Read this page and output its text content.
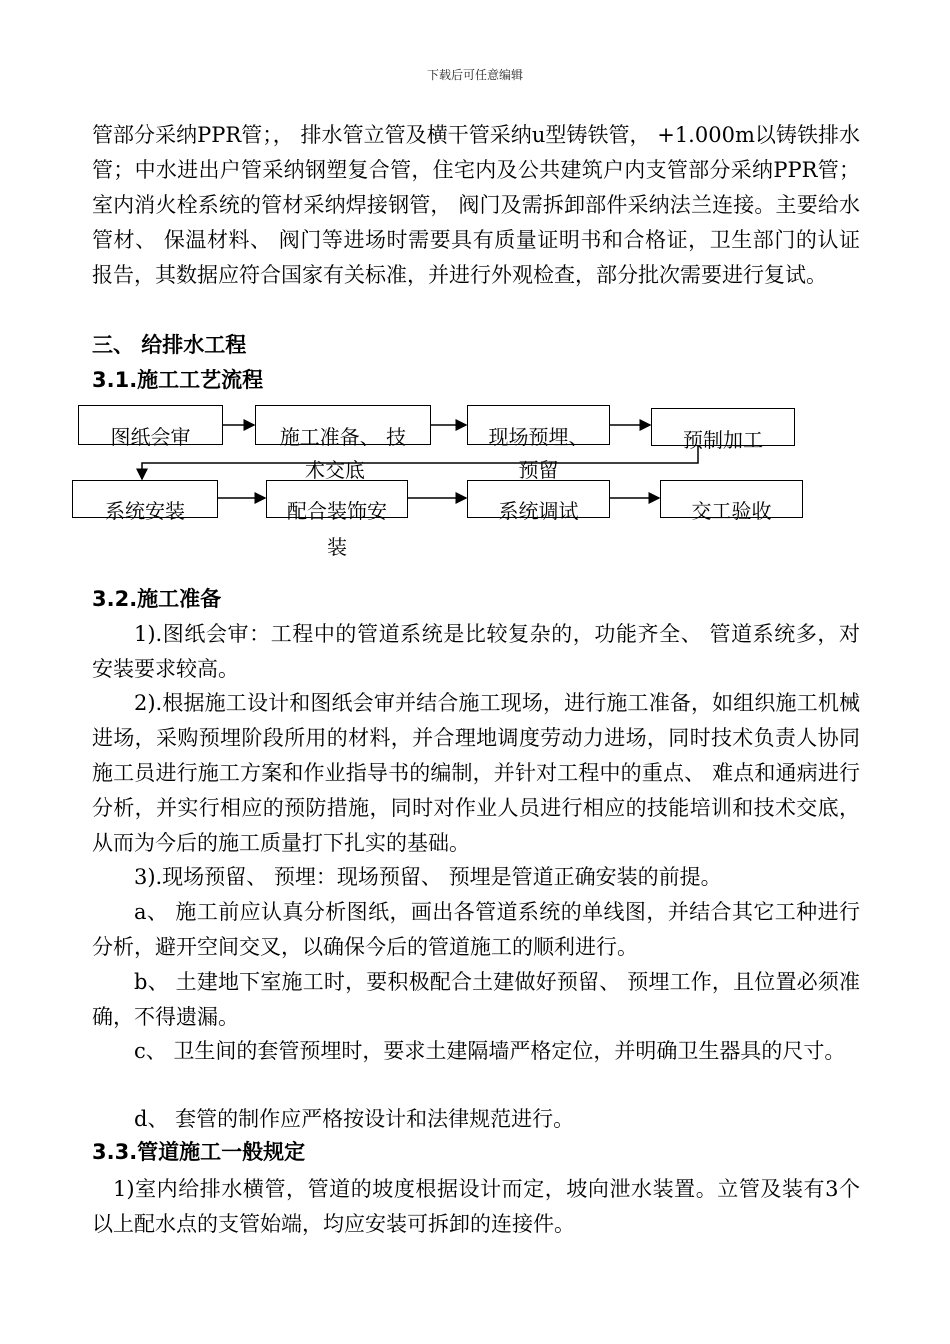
下载后可任意编辑

管部分采纳PPR管；， 排水管立管及横干管采纳u型铸铁管， +1.000m以铸铁排水管；中水进出户管采纳钢塑复合管，住宅内及公共建筑户内支管部分采纳PPR管；室内消火栓系统的管材采纳焊接钢管， 阀门及需拆卸部件采纳法兰连接。主要给水管材、 保温材料、 阀门等进场时需要具有质量证明书和合格证，卫生部门的认证报告，其数据应符合国家有关标准，并进行外观检查，部分批次需要进行复试。

三、 给排水工程
3.1.施工工艺流程
图纸会审	施工准备、 技
术交底
现场预埋、
预留
预制加工
系统安装	配合装饰安
装
系统调试	交工验收
3.2.施工准备

1).图纸会审：工程中的管道系统是比较复杂的，功能齐全、 管道系统多，对安装要求较高。

2).根据施工设计和图纸会审并结合施工现场，进行施工准备，如组织施工机械进场，采购预埋阶段所用的材料，并合理地调度劳动力进场，同时技术负责人协同施工员进行施工方案和作业指导书的编制，并针对工程中的重点、 难点和通病进行分析，并实行相应的预防措施，同时对作业人员进行相应的技能培训和技术交底，从而为今后的施工质量打下扎实的基础。

3).现场预留、 预埋：现场预留、 预埋是管道正确安装的前提。

a、 施工前应认真分析图纸，画出各管道系统的单线图，并结合其它工种进行分析，避开空间交叉，以确保今后的管道施工的顺利进行。

b、 土建地下室施工时，要积极配合土建做好预留、 预埋工作，且位置必须准确，不得遗漏。

c、 卫生间的套管预埋时，要求土建隔墙严格定位，并明确卫生器具的尺寸。

d、 套管的制作应严格按设计和法律规范进行。

3.3.管道施工一般规定

1)室内给排水横管，管道的坡度根据设计而定，坡向泄水装置。立管及装有3个以上配水点的支管始端，均应安装可拆卸的连接件。
